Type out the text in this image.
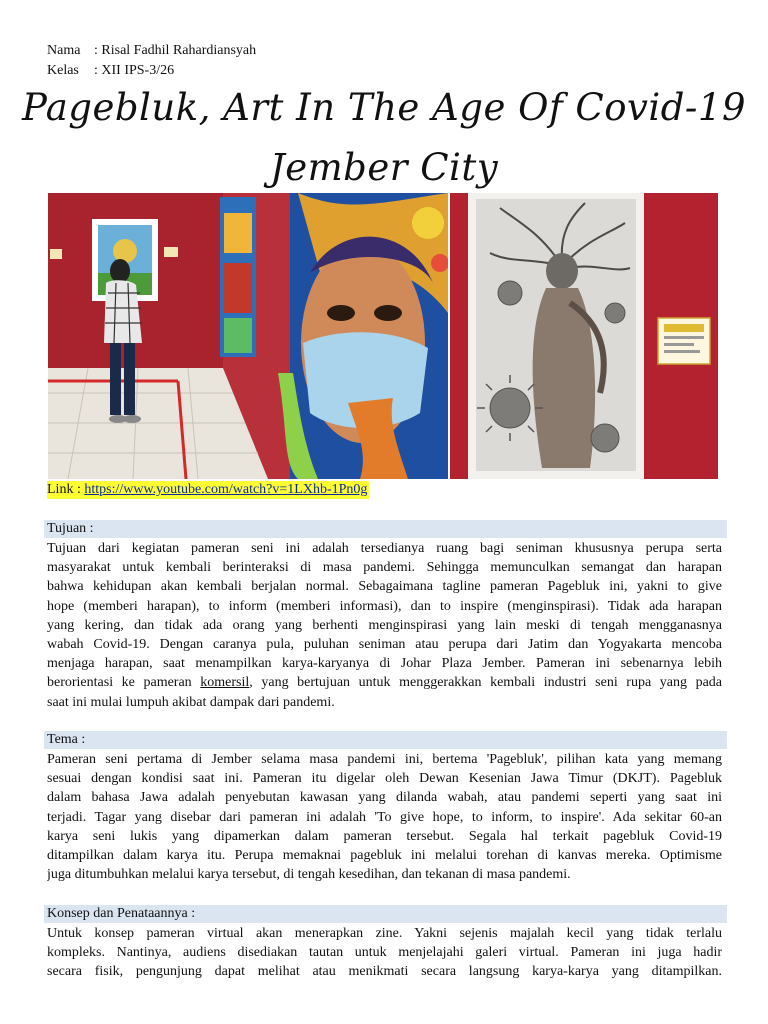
Nama : Risal Fadhil Rahardiansyah
Kelas : XII IPS-3/26
Pagebluk, Art In The Age Of Covid-19
Jember City
Link : https://www.youtube.com/watch?v=1LXhb-1Pn0g
Tujuan :
Tujuan dari kegiatan pameran seni ini adalah tersedianya ruang bagi seniman khususnya perupa serta
masyarakat untuk kembali berinteraksi di masa pandemi. Sehingga memunculkan semangat dan harapan
bahwa kehidupan akan kembali berjalan normal. Sebagaimana tagline pameran Pagebluk ini, yakni to give
hope (memberi harapan), to inform (memberi informasi), dan to inspire (menginspirasi). Tidak ada harapan
yang kering, dan tidak ada orang yang berhenti menginspirasi yang lain meski di tengah mengganasnya
wabah Covid-19. Dengan caranya pula, puluhan seniman atau perupa dari Jatim dan Yogyakarta mencoba
menjaga harapan, saat menampilkan karya-karyanya di Johar Plaza Jember. Pameran ini sebenarnya lebih
berorientasi ke pameran komersil, yang bertujuan untuk menggerakkan kembali industri seni rupa yang pada
saat ini mulai lumpuh akibat dampak dari pandemi.
Tema :
Pameran seni pertama di Jember selama masa pandemi ini, bertema 'Pagebluk', pilihan kata yang memang
sesuai dengan kondisi saat ini. Pameran itu digelar oleh Dewan Kesenian Jawa Timur (DKJT). Pagebluk
dalam bahasa Jawa adalah penyebutan kawasan yang dilanda wabah, atau pandemi seperti yang saat ini
terjadi. Tagar yang disebar dari pameran ini adalah 'To give hope, to inform, to inspire'. Ada sekitar 60-an
karya seni lukis yang dipamerkan dalam pameran tersebut. Segala hal terkait pagebluk Covid-19
ditampilkan dalam karya itu. Perupa memaknai pagebluk ini melalui torehan di kanvas mereka. Optimisme
juga ditumbuhkan melalui karya tersebut, di tengah kesedihan, dan tekanan di masa pandemi.
Konsep dan Penataannya :
Untuk konsep pameran virtual akan menerapkan zine. Yakni sejenis majalah kecil yang tidak terlalu
kompleks. Nantinya, audiens disediakan tautan untuk menjelajahi galeri virtual. Pameran ini juga hadir
secara fisik, pengunjung dapat melihat atau menikmati secara langsung karya-karya yang ditampilkan.
